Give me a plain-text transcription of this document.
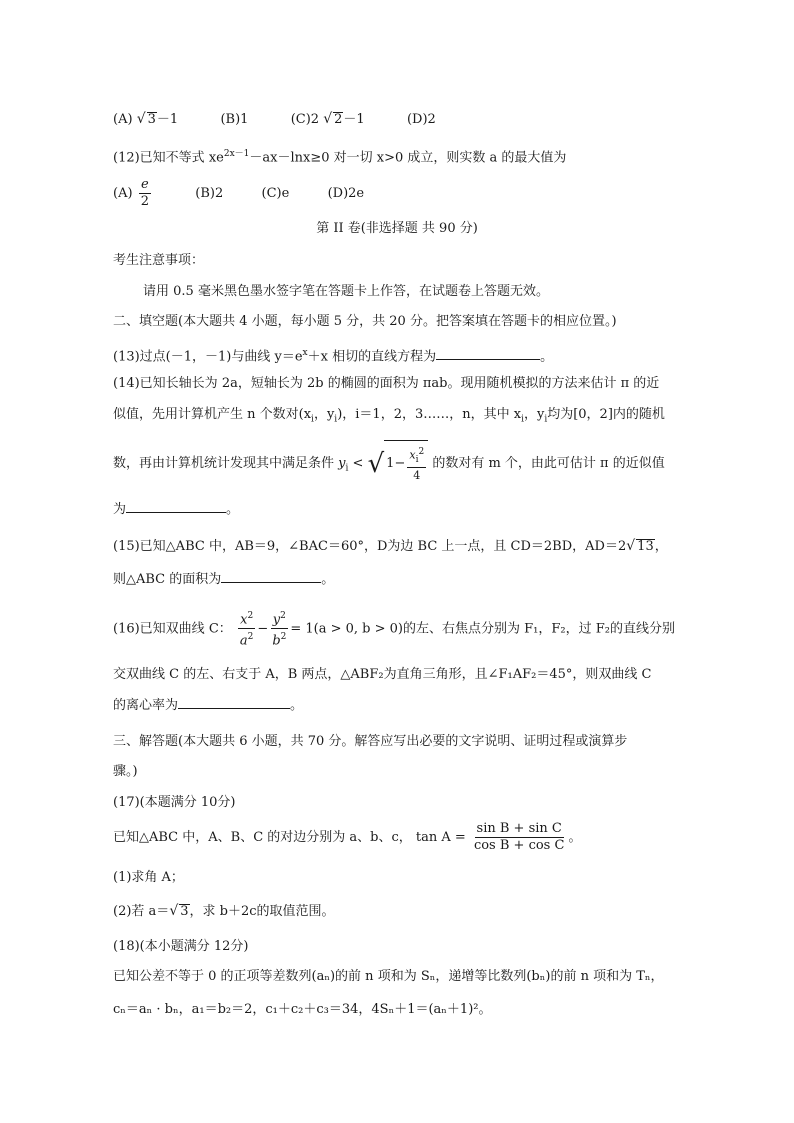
(A) √ 3－1	(B)1	(C)2 √ 2－1	(D)2
(12)已知不等式 $xe^{2x-1}-ax-\ln x\ge 0$ 对一切 x>0 成立，则实数 a 的最大值为
$(A) \frac{e}{2}$	(B)2	(C)e	(D)2e
第 II 卷(非选择题 共 90 分)
考生注意事项：
请用 0.5 毫米黑色墨水签字笔在答题卡上作答，在试题卷上答题无效。
二、填空题(本大题共 4 小题，每小题 5 分，共 20 分。把答案填在答题卡的相应位置。)
(13)过点(－1，－1)与曲线 $y=e^x+x$ 相切的直线方程为	。
(14)已知长轴长为 2a，短轴长为 2b 的椭圆的面积为 πab。现用随机模拟的方法来估计 π 的近
似值，先用计算机产生 n 个数对($x_i$，$y_i$)，i＝1，2，3……，n，其中 $x_i$，$y_i$均为[0，2]内的随机
数，再由计算机统计发现其中满足条件 $y_i$ < √ $1- \frac{x_i^2}{4}$ 的数对有 m 个，由此可估计 π 的近似值
为	。
(15)已知△ABC 中，AB＝9，∠BAC＝60°，D为边 BC 上一点，且 CD＝2BD，AD＝2√ 13，
则△ABC 的面积为	。
(16)已知双曲线 C： $\frac{x^2}{a^2} - \frac{y^2}{b^2} = 1(a > 0$, b > 0)的左、右焦点分别为 F₁，F₂，过 F₂的直线分别
交双曲线 C 的左、右支于 A，B 两点，△ABF₂为直角三角形，且∠F₁AF₂＝45°，则双曲线 C
的离心率为	。
三、解答题(本大题共 6 小题，共 70 分。解答应写出必要的文字说明、证明过程或演算步
骤。)
(17)(本题满分 10分)
已知△ABC 中，A、B、C 的对边分别为 a、b、c， $\tan A = \frac{\text{sin B + sin C}}{\text{cos B + cos C}}$ 。
(1)求角 A；
(2)若 a＝√ 3，求 b＋2c的取值范围。
(18)(本小题满分 12分)
已知公差不等于 0 的正项等差数列(aₙ)的前 n 项和为 Sₙ，递增等比数列(bₙ)的前 n 项和为 Tₙ，
cₙ＝aₙ · bₙ，a₁＝b₂＝2，c₁＋c₂＋c₃＝34，4Sₙ＋1＝(aₙ＋1)²。
